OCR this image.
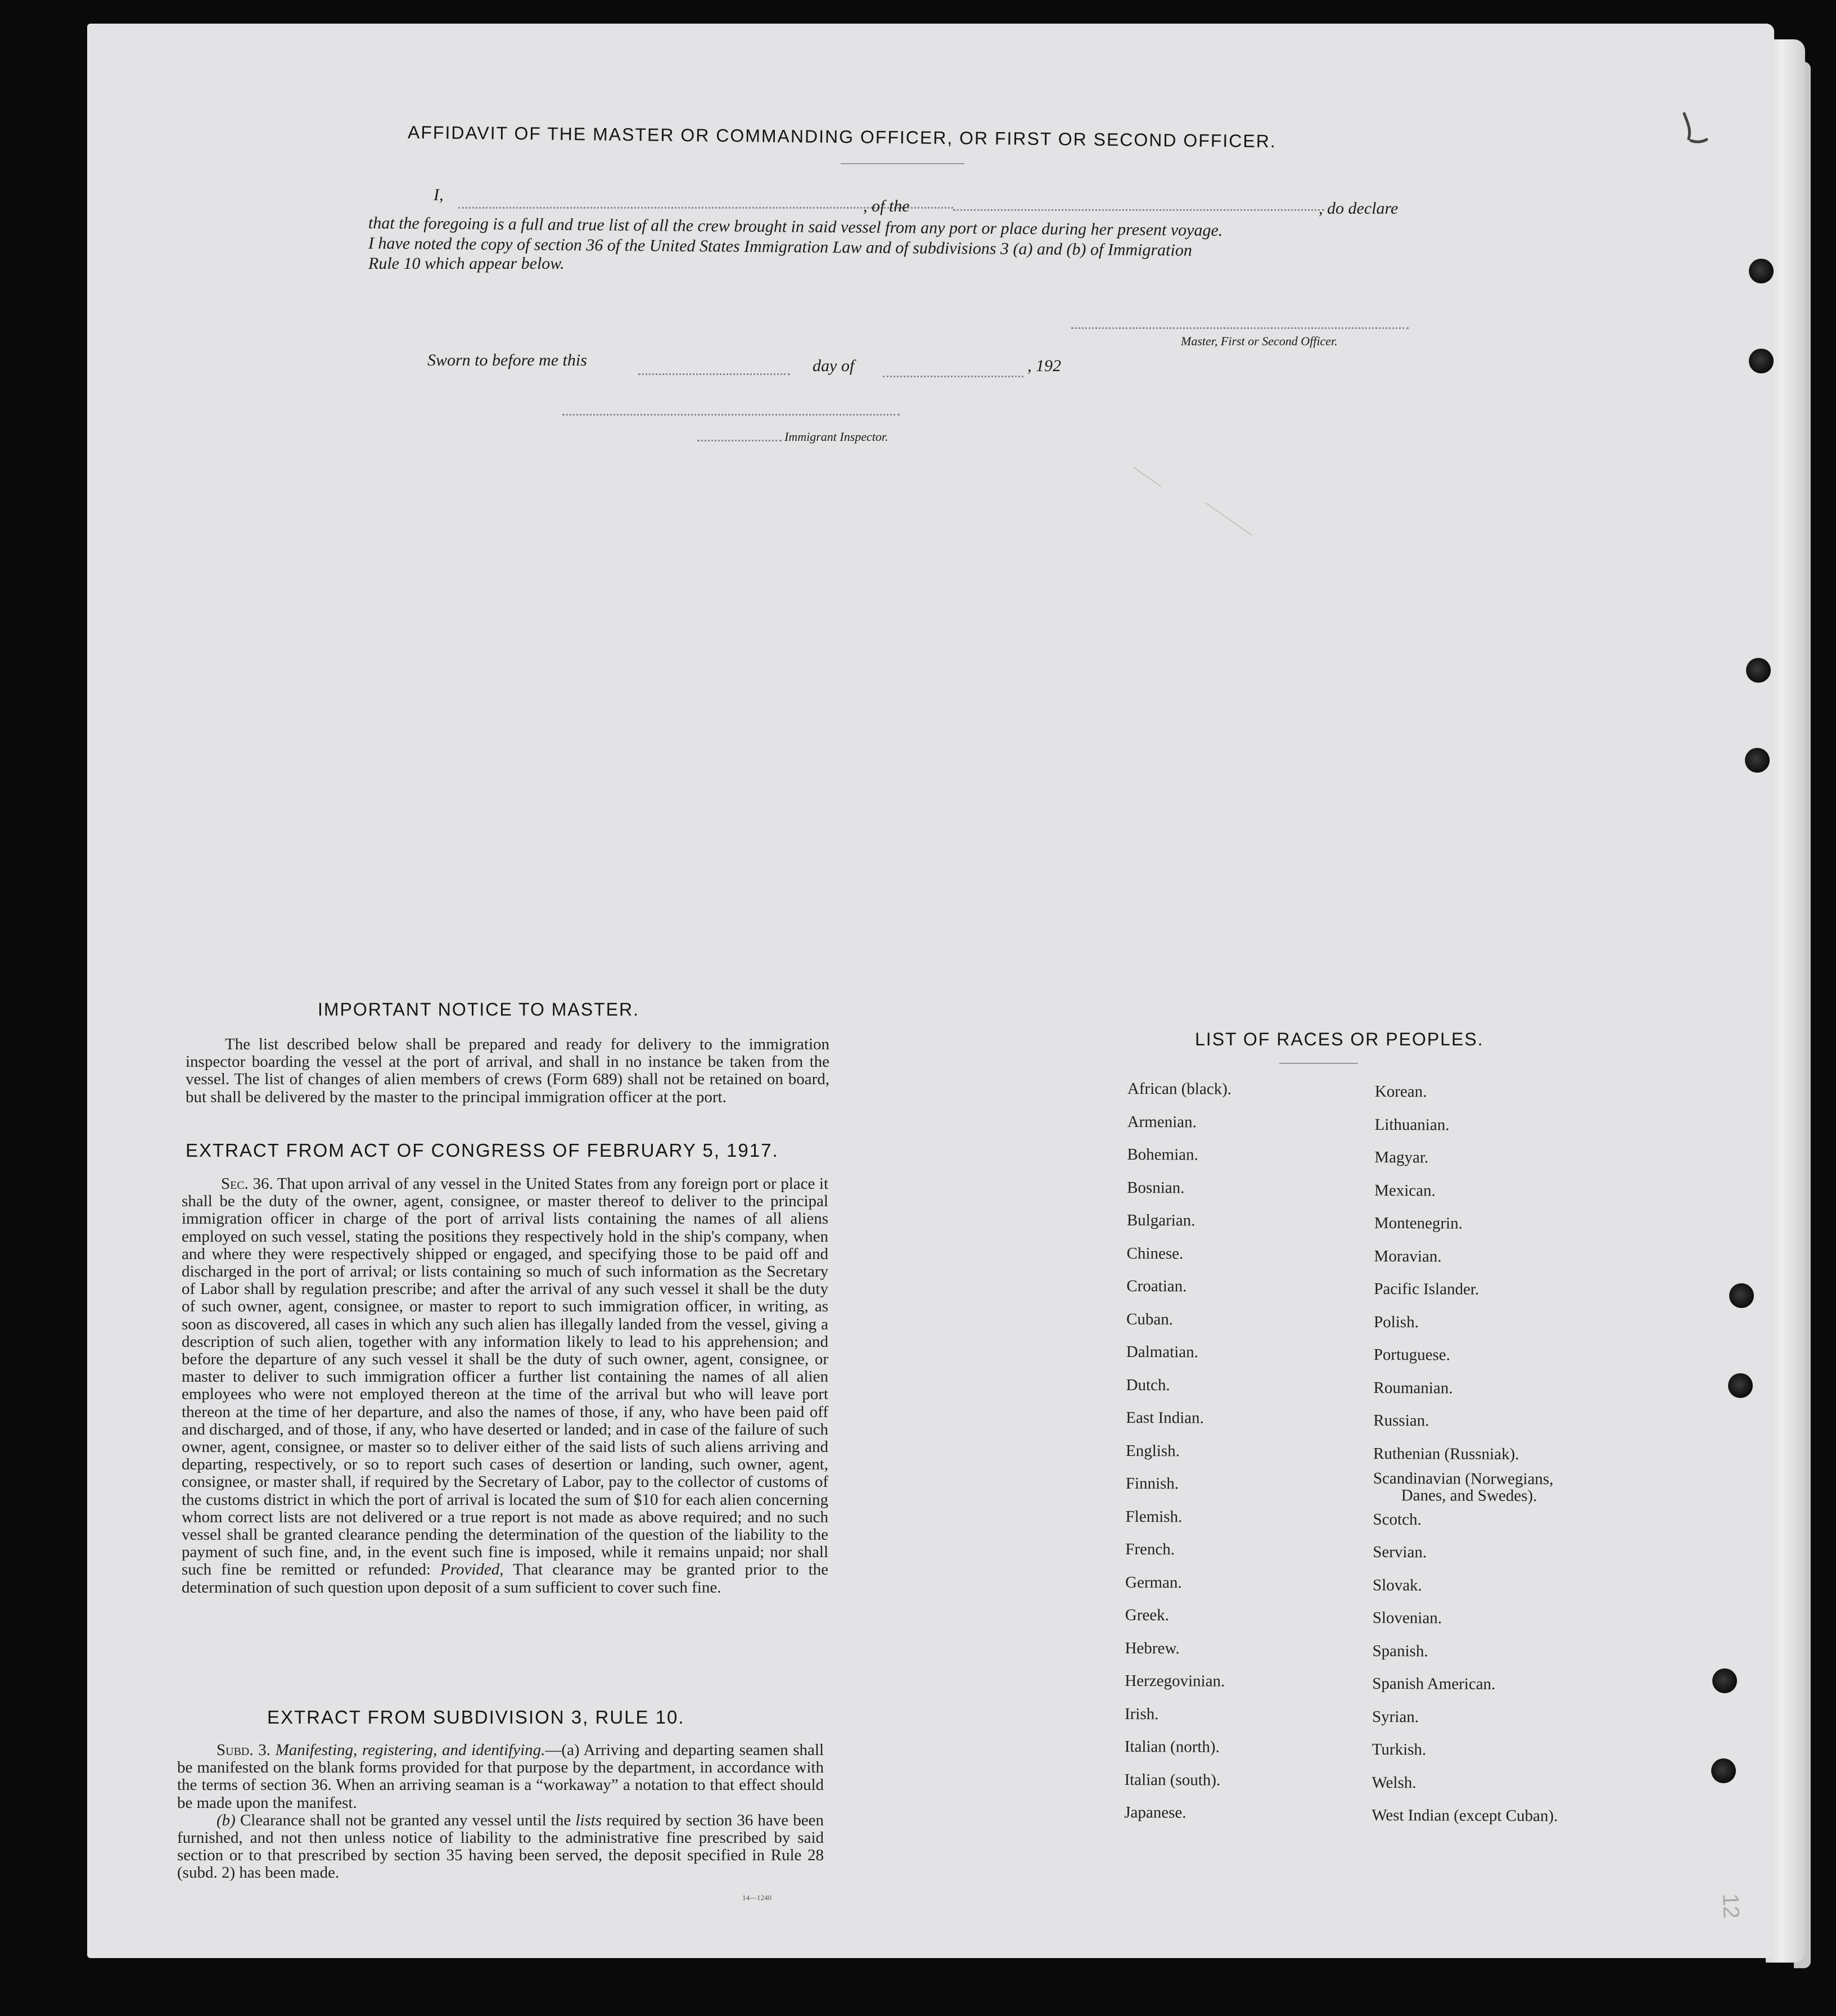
AFFIDAVIT OF THE MASTER OR COMMANDING OFFICER, OR FIRST OR SECOND OFFICER.
I,
, of the	, do declare
that the foregoing is a full and true list of all the crew brought in said vessel from any port or place during her present voyage.
I have noted the copy of section 36 of the United States Immigration Law and of subdivisions 3 (a) and (b) of Immigration
Rule 10 which appear below.
Master, First or Second Officer.
Sworn to before me this	day of	, 192
Immigrant Inspector.
IMPORTANT NOTICE TO MASTER.
The list described below shall be prepared and ready for delivery to the immigration inspector boarding the vessel at the port of arrival, and shall in no instance be taken from the vessel. The list of changes of alien members of crews (Form 689) shall not be retained on board, but shall be delivered by the master to the principal immigration officer at the port.
EXTRACT FROM ACT OF CONGRESS OF FEBRUARY 5, 1917.

Sec. 36. That upon arrival of any vessel in the United States from any foreign port or place it shall be the duty of the owner, agent, consignee, or master thereof to deliver to the principal immigration officer in charge of the port of arrival lists containing the names of all aliens employed on such vessel, stating the positions they respectively hold in the ship's company, when and where they were respectively shipped or engaged, and specifying those to be paid off and discharged in the port of arrival; or lists containing so much of such information as the Secretary of Labor shall by regulation prescribe; and after the arrival of any such vessel it shall be the duty of such owner, agent, consignee, or master to report to such immigration officer, in writing, as soon as discovered, all cases in which any such alien has illegally landed from the vessel, giving a description of such alien, together with any information likely to lead to his apprehension; and before the departure of any such vessel it shall be the duty of such owner, agent, consignee, or master to deliver to such immigration officer a further list containing the names of all alien employees who were not employed thereon at the time of the arrival but who will leave port thereon at the time of her departure, and also the names of those, if any, who have been paid off and discharged, and of those, if any, who have deserted or landed; and in case of the failure of such owner, agent, consignee, or master so to deliver either of the said lists of such aliens arriving and departing, respectively, or so to report such cases of desertion or landing, such owner, agent, consignee, or master shall, if required by the Secretary of Labor, pay to the collector of customs of the customs district in which the port of arrival is located the sum of $10 for each alien concerning whom correct lists are not delivered or a true report is not made as above required; and no such vessel shall be granted clearance pending the determination of the question of the liability to the payment of such fine, and, in the event such fine is imposed, while it remains unpaid; nor shall such fine be remitted or refunded: Provided, That clearance may be granted prior to the determination of such question upon deposit of a sum sufficient to cover such fine.

EXTRACT FROM SUBDIVISION 3, RULE 10.

Subd. 3. Manifesting, registering, and identifying.—(a) Arriving and departing seamen shall be manifested on the blank forms provided for that purpose by the department, in accordance with the terms of section 36. When an arriving seaman is a “workaway” a notation to that effect should be made upon the manifest.

(b) Clearance shall not be granted any vessel until the lists required by section 36 have been furnished, and not then unless notice of liability to the administrative fine prescribed by said section or to that prescribed by section 35 having been served, the deposit specified in Rule 28 (subd. 2) has been made.

14—1240
LIST OF RACES OR PEOPLES.
African (black).
Armenian.
Bohemian.
Bosnian.
Bulgarian.
Chinese.
Croatian.
Cuban.
Dalmatian.
Dutch.
East Indian.
English.
Finnish.
Flemish.
French.
German.
Greek.
Hebrew.
Herzegovinian.
Irish.
Italian (north).
Italian (south).
Japanese.
Korean.
Lithuanian.
Magyar.
Mexican.
Montenegrin.
Moravian.
Pacific Islander.
Polish.
Portuguese.
Roumanian.
Russian.
Ruthenian (Russniak).
Scandinavian (Norwegians,
Danes, and Swedes).
Scotch.
Servian.
Slovak.
Slovenian.
Spanish.
Spanish American.
Syrian.
Turkish.
Welsh.
West Indian (except Cuban).
12
